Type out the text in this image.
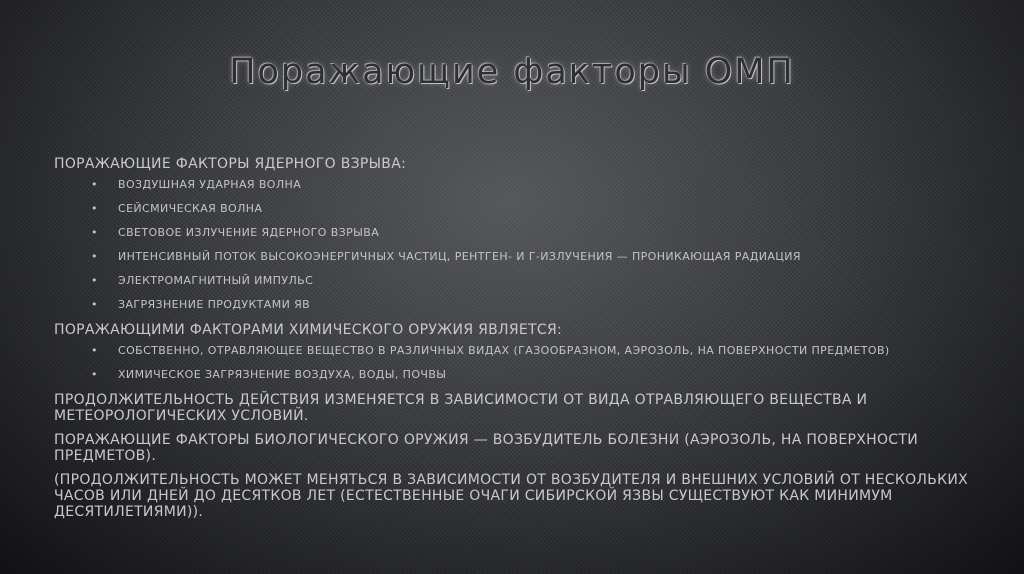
Поражающие факторы ОМП
ПОРАЖАЮЩИЕ ФАКТОРЫ ЯДЕРНОГО ВЗРЫВА:
• ВОЗДУШНАЯ УДАРНАЯ ВОЛНА
• СЕЙСМИЧЕСКАЯ ВОЛНА
• СВЕТОВОЕ ИЗЛУЧЕНИЕ ЯДЕРНОГО ВЗРЫВА
• ИНТЕНСИВНЫЙ ПОТОК ВЫСОКОЭНЕРГИЧНЫХ ЧАСТИЦ, РЕНТГЕН- И Г-ИЗЛУЧЕНИЯ — ПРОНИКАЮЩАЯ РАДИАЦИЯ
• ЭЛЕКТРОМАГНИТНЫЙ ИМПУЛЬС
• ЗАГРЯЗНЕНИЕ ПРОДУКТАМИ ЯВ
ПОРАЖАЮЩИМИ ФАКТОРАМИ ХИМИЧЕСКОГО ОРУЖИЯ ЯВЛЯЕТСЯ:
• СОБСТВЕННО, ОТРАВЛЯЮЩЕЕ ВЕЩЕСТВО В РАЗЛИЧНЫХ ВИДАХ (ГАЗООБРАЗНОМ, АЭРОЗОЛЬ, НА ПОВЕРХНОСТИ ПРЕДМЕТОВ)
• ХИМИЧЕСКОЕ ЗАГРЯЗНЕНИЕ ВОЗДУХА, ВОДЫ, ПОЧВЫ
ПРОДОЛЖИТЕЛЬНОСТЬ ДЕЙСТВИЯ ИЗМЕНЯЕТСЯ В ЗАВИСИМОСТИ ОТ ВИДА ОТРАВЛЯЮЩЕГО ВЕЩЕСТВА И МЕТЕОРОЛОГИЧЕСКИХ УСЛОВИЙ.
ПОРАЖАЮЩИЕ ФАКТОРЫ БИОЛОГИЧЕСКОГО ОРУЖИЯ — ВОЗБУДИТЕЛЬ БОЛЕЗНИ (АЭРОЗОЛЬ, НА ПОВЕРХНОСТИ ПРЕДМЕТОВ).
(ПРОДОЛЖИТЕЛЬНОСТЬ МОЖЕТ МЕНЯТЬСЯ В ЗАВИСИМОСТИ ОТ ВОЗБУДИТЕЛЯ И ВНЕШНИХ УСЛОВИЙ ОТ НЕСКОЛЬКИХ ЧАСОВ ИЛИ ДНЕЙ ДО ДЕСЯТКОВ ЛЕТ (ЕСТЕСТВЕННЫЕ ОЧАГИ СИБИРСКОЙ ЯЗВЫ СУЩЕСТВУЮТ КАК МИНИМУМ ДЕСЯТИЛЕТИЯМИ)).
